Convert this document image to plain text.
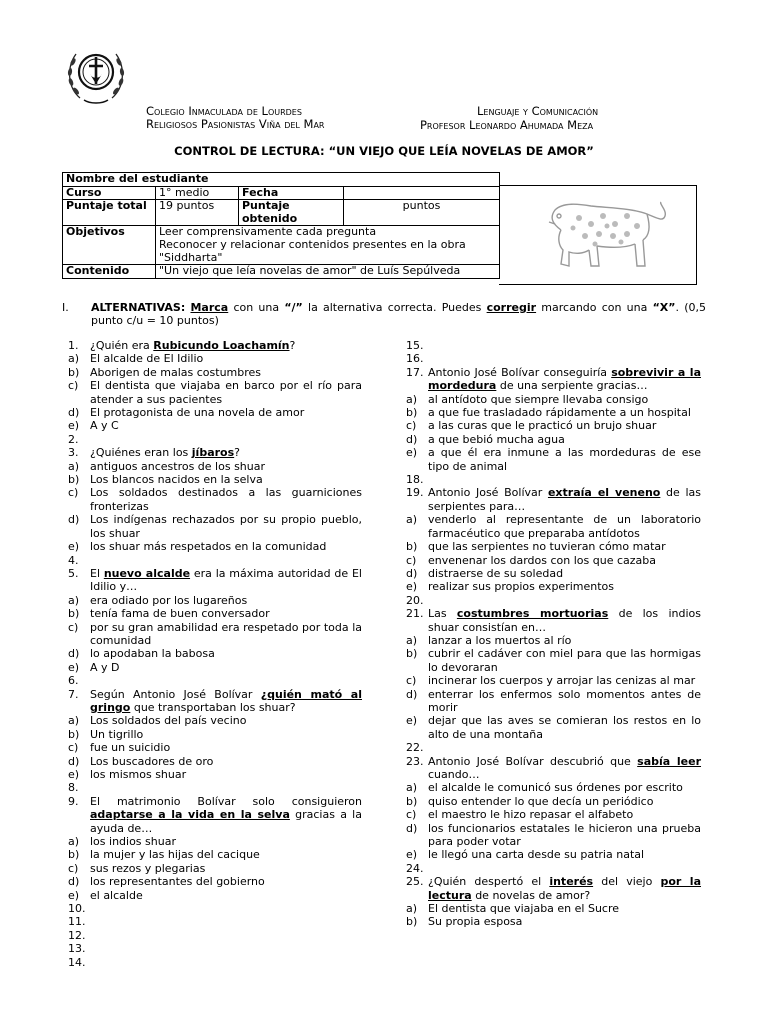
Colegio Inmaculada de Lourdes
Religiosos Pasionistas Viña del Mar
Lenguaje y Comunicación
Profesor Leonardo Ahumada Meza
CONTROL DE LECTURA: “UN VIEJO QUE LEÍA NOVELAS DE AMOR”
Nombre del estudiante			
Curso	1° medio	Fecha	
Puntaje total	19 puntos	Puntaje obtenido	puntos
Objetivos	Leer comprensivamente cada pregunta
Reconocer y relacionar contenidos presentes en la obra "Siddharta"		

Contenido	"Un viejo que leía novelas de amor" de Luís Sepúlveda		
I. ALTERNATIVAS: Marca con una “/” la alternativa correcta. Puedes corregir marcando con una “X”. (0,5 punto c/u = 10 puntos)
1.	¿Quién era Rubicundo Loachamín?
a) El alcalde de El Idilio
b) Aborigen de malas costumbres
c)	El dentista que viajaba en barco por el río para atender a sus pacientes
d) El protagonista de una novela de amor
e) A y C
2.

3.	¿Quiénes eran los jíbaros?
a) antiguos ancestros de los shuar
b) Los blancos nacidos en la selva
c)	Los soldados destinados a las guarniciones fronterizas
d) Los indígenas rechazados por su propio pueblo, los shuar
e) los shuar más respetados en la comunidad
4.

5.	El nuevo alcalde era la máxima autoridad de El Idilio y…
a) era odiado por los lugareños
b) tenía fama de buen conversador
c)	por su gran amabilidad era respetado por toda la comunidad
d) lo apodaban la babosa
e) A y D
6.

7.	Según Antonio José Bolívar ¿quién mató al gringo que transportaban los shuar?
a) Los soldados del país vecino
b) Un tigrillo
c)	fue un suicidio
d) Los buscadores de oro
e) los mismos shuar
8.

9.	El matrimonio Bolívar solo consiguieron adaptarse a la vida en la selva gracias a la ayuda de…
a) los indios shuar
b) la mujer y las hijas del cacique
c)	sus rezos y plegarias
d) los representantes del gobierno
e) el alcalde
10.

11.

12.

13.

14.

15.

16.

17. Antonio José Bolívar conseguiría sobrevivir a la mordedura de una serpiente gracias…
a) al antídoto que siempre llevaba consigo
b) a que fue trasladado rápidamente a un hospital
c)	a las curas que le practicó un brujo shuar
d) a que bebió mucha agua
e) a que él era inmune a las mordeduras de ese tipo de animal
18.

19. Antonio José Bolívar extraía el veneno de las serpientes para…
a) venderlo al representante de un laboratorio farmacéutico que preparaba antídotos
b) que las serpientes no tuvieran cómo matar
c)	envenenar los dardos con los que cazaba
d) distraerse de su soledad
e) realizar sus propios experimentos
20.

21. Las costumbres mortuorias de los indios shuar consistían en…
a) lanzar a los muertos al río
b) cubrir el cadáver con miel para que las hormigas lo devoraran
c)	incinerar los cuerpos y arrojar las cenizas al mar
d) enterrar los enfermos solo momentos antes de morir
e) dejar que las aves se comieran los restos en lo alto de una montaña
22.

23. Antonio José Bolívar descubrió que sabía leer cuando…
a) el alcalde le comunicó sus órdenes por escrito
b) quiso entender lo que decía un periódico
c)	el maestro le hizo repasar el alfabeto
d) los funcionarios estatales le hicieron una prueba para poder votar
e) le llegó una carta desde su patria natal
24.

25. ¿Quién despertó el interés del viejo por la lectura de novelas de amor?
a) El dentista que viajaba en el Sucre
b) Su propia esposa
